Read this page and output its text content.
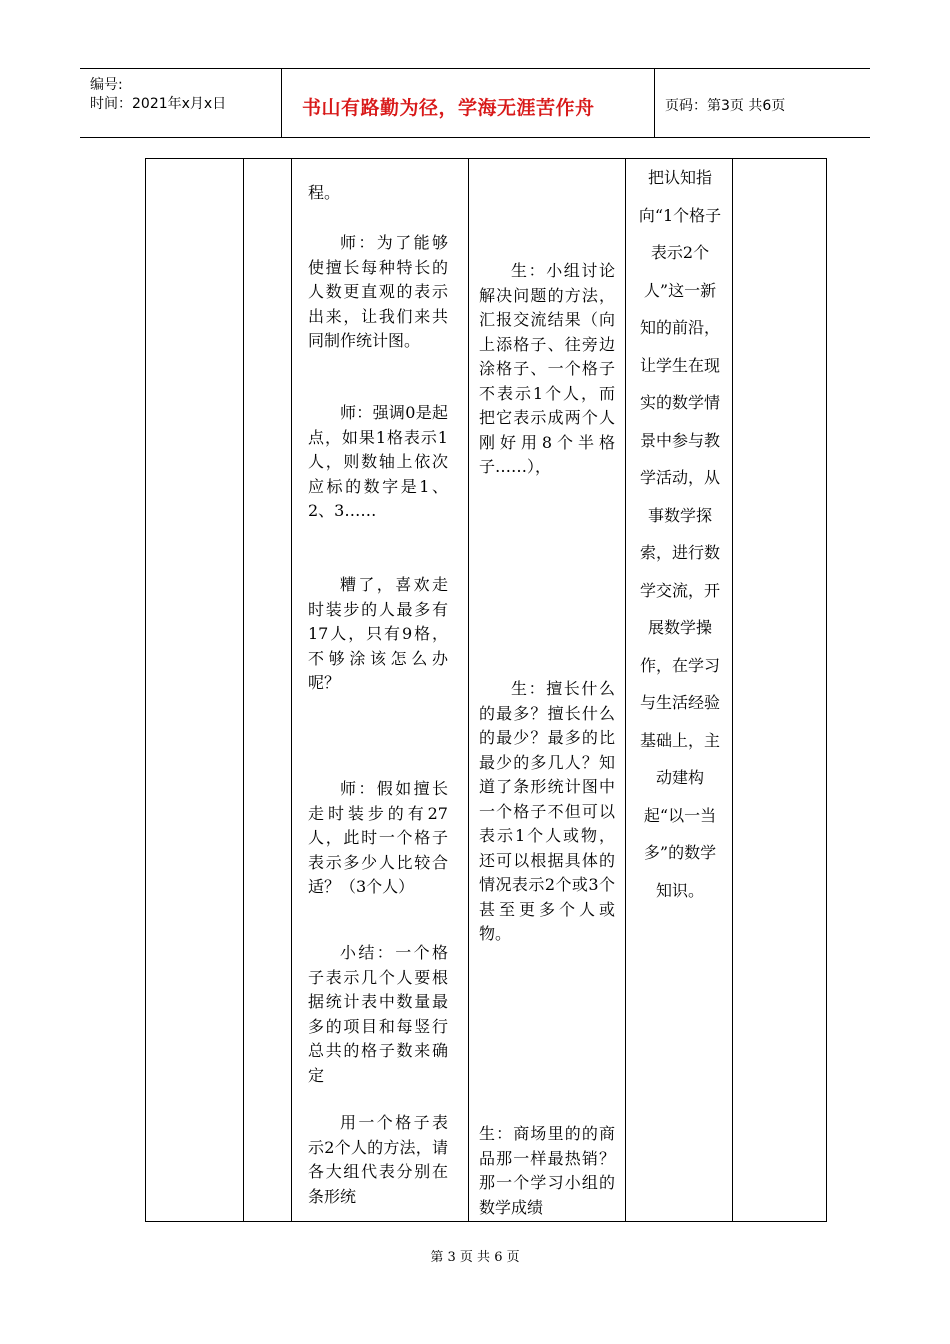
编号:
时间：2021年x月x日	书山有路勤为径，学海无涯苦作舟	页码：第3页 共6页
程。
师：为了能够使擅长每种特长的人数更直观的表示出来，让我们来共同制作统计图。
师：强调0是起点，如果1格表示1人，则数轴上依次应标的数字是1、2、3……
糟了，喜欢走时装步的人最多有17人，只有9格，不够涂该怎么办呢？
师：假如擅长走时装步的有27人，此时一个格子表示多少人比较合适？（3个人）
小结：一个格子表示几个人要根据统计表中数量最多的项目和每竖行总共的格子数来确定
用一个格子表示2个人的方法，请各大组代表分别在条形统
生：小组讨论解决问题的方法，汇报交流结果（向上添格子、往旁边涂格子、一个格子不表示1个人，而把它表示成两个人刚好用8个半格子……），
生：擅长什么的最多？擅长什么的最少？最多的比最少的多几人？知道了条形统计图中一个格子不但可以表示1个人或物，还可以根据具体的情况表示2个或3个甚至更多个人或物。
生：商场里的的商品那一样最热销？那一个学习小组的数学成绩
把认知指向“1个格子表示2个人”这一新知的前沿，让学生在现实的数学情景中参与教学活动，从事数学探索，进行数学交流，开展数学操作，在学习与生活经验基础上，主动建构起“以一当多”的数学知识。
第 3 页 共 6 页
